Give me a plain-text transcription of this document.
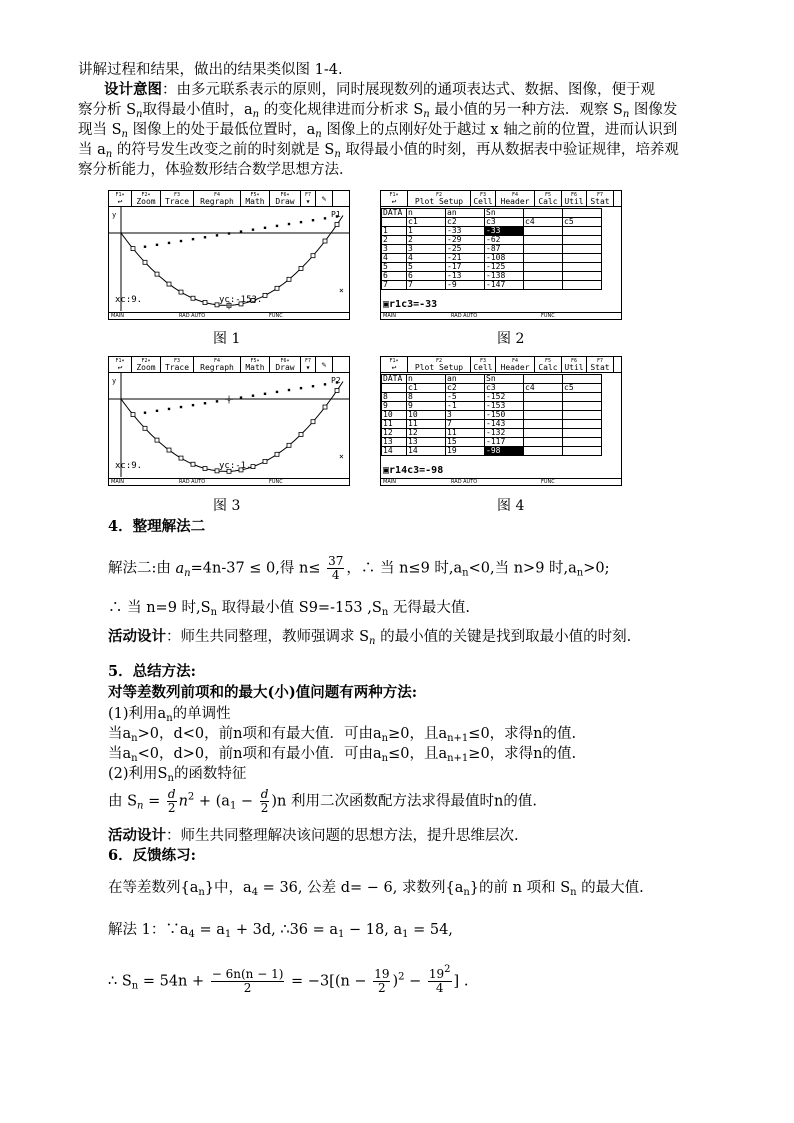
讲解过程和结果，做出的结果类似图 1-4.
设计意图：由多元联系表示的原则，同时展现数列的通项表达式、数据、图像，便于观
察分析 $S_n$取得最小值时，$a_n$ 的变化规律进而分析求 $S_n$ 最小值的另一种方法．观察 $S_n$ 图像发
现当 $S_n$ 图像上的处于最低位置时，$a_n$ 图像上的点刚好处于越过 x 轴之前的位置，进而认识到
当 $a_n$ 的符号发生改变之前的时刻就是 $S_n$ 取得最小值的时刻，再从数据表中验证规律，培养观
察分析能力，体验数形结合数学思想方法．
F1▾
↩
F2▾
Zoom
F3
Trace
F4
Regraph
F5▾
Math
F6▾
Draw
F7
▾ ✎
P1
y
×
xc:9.	yc:-153.
MAIN	RAD AUTO	FUNC
F1▾
↩
F2
Plot Setup
F3
Cell
F4
Header
F5
Calc
F6
Util
F7
Stat
DATA	n	an	Sn		
	c1	c2	c3	c4	c5
1	1	-33	-33		
2	2	-29	-62		
3	3	-25	-87		
4	4	-21	-108		
5	5	-17	-125		
6	6	-13	-138		
7	7	-9	-147		
▣r1c3=-33
MAIN	RAD AUTO	FUNC
图 1	图 2
F1▾
↩
F2▾
Zoom
F3
Trace
F4
Regraph
F5▾
Math
F6▾
Draw
F7
▾ ✎
P2
y
×
xc:9.	yc:-1.
MAIN	RAD AUTO	FUNC
F1▾
↩
F2
Plot Setup
F3
Cell
F4
Header
F5
Calc
F6
Util
F7
Stat
DATA	n	an	Sn		
	c1	c2	c3	c4	c5
8	8	-5	-152		
9	9	-1	-153		
10	10	3	-150		
11	11	7	-143		
12	12	11	-132		
13	13	15	-117		
14	14	19	-98		
▣r14c3=-98
MAIN	RAD AUTO	FUNC
图 3	图 4
4．整理解法二
解法二:由 $a_n=4n-37 \le 0$,得 $n\le \frac{37}{4}$ ，∴ 当 n≤9 时$,a_n<0$,当 n>9 时$,a_n>0$;
∴ 当 n=9 时$,S_n$ 取得最小值 S9=-153 $,S_n$ 无得最大值.
活动设计：师生共同整理，教师强调求 $S_n$ 的最小值的关键是找到取最小值的时刻.
5．总结方法:
对等差数列前项和的最大(小)值问题有两种方法:
(1)利用$a_n$的单调性
当$a_n>0$，d<0，前n项和有最大值．可由$a_n\ge 0$，且$a_{n+1}\le 0$，求得n的值.
当$a_n<0$，d>0，前n项和有最小值．可由$a_n\le 0$，且$a_{n+1}\ge 0$，求得n的值.
(2)利用$S_n$的函数特征
由 $S_n = \frac{d}{2} n^2 + (a_1 - \frac{d}{2} )n$ 利用二次函数配方法求得最值时n的值.
活动设计：师生共同整理解决该问题的思想方法，提升思维层次.
6．反馈练习:
在等差数列$\{a_n\}$中，$a_4 = 36$, 公差 d= − 6, 求数列$\{a_n\}$的前 n 项和 $S_n$ 的最大值.
解法 1：$\because a_4 = a_1 + 3d$, ∴36 = $a_1 - 18$, $a_1 = 54$,
∴ $S_n = 54n + \frac{- 6n(n - 1)}{2} = -3[(n - \frac{19}{2} )^2 - \frac{19^2}{4}$ ] .
